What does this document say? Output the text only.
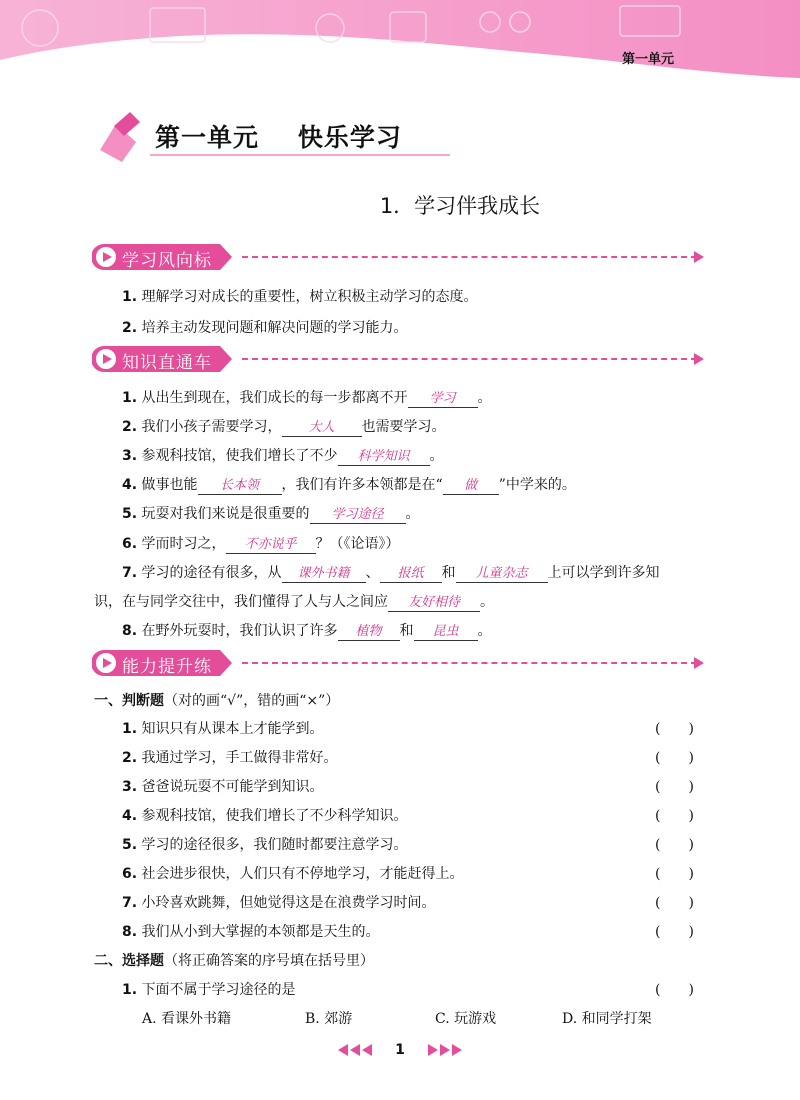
第一单元
第一单元    快乐学习
1．学习伴我成长
学习风向标
1. 理解学习对成长的重要性，树立积极主动学习的态度。
2. 培养主动发现问题和解决问题的学习能力。
知识直通车
1. 从出生到现在，我们成长的每一步都离不开 学习 。
2. 我们小孩子需要学习， 大人 也需要学习。
3. 参观科技馆，使我们增长了不少 科学知识 。
4. 做事也能 长本领 ，我们有许多本领都是在“ 做 ”中学来的。
5. 玩耍对我们来说是很重要的 学习途径 。
6. 学而时习之， 不亦说乎 ？（《论语》）
7. 学习的途径有很多，从 课外书籍 、 报纸 和 儿童杂志 上可以学到许多知
识，在与同学交往中，我们懂得了人与人之间应 友好相待 。
8. 在野外玩耍时，我们认识了许多 植物 和 昆虫 。
能力提升练
一、判断题（对的画“√”，错的画“×”）
1. 知识只有从课本上才能学到。	(　　)
2. 我通过学习，手工做得非常好。	(　　)
3. 爸爸说玩耍不可能学到知识。	(　　)
4. 参观科技馆，使我们增长了不少科学知识。	(　　)
5. 学习的途径很多，我们随时都要注意学习。	(　　)
6. 社会进步很快，人们只有不停地学习，才能赶得上。	(　　)
7. 小玲喜欢跳舞，但她觉得这是在浪费学习时间。	(　　)
8. 我们从小到大掌握的本领都是天生的。	(　　)
二、选择题（将正确答案的序号填在括号里）
1. 下面不属于学习途径的是	(　　)
A. 看课外书籍	B. 郊游	C. 玩游戏	D. 和同学打架
1
